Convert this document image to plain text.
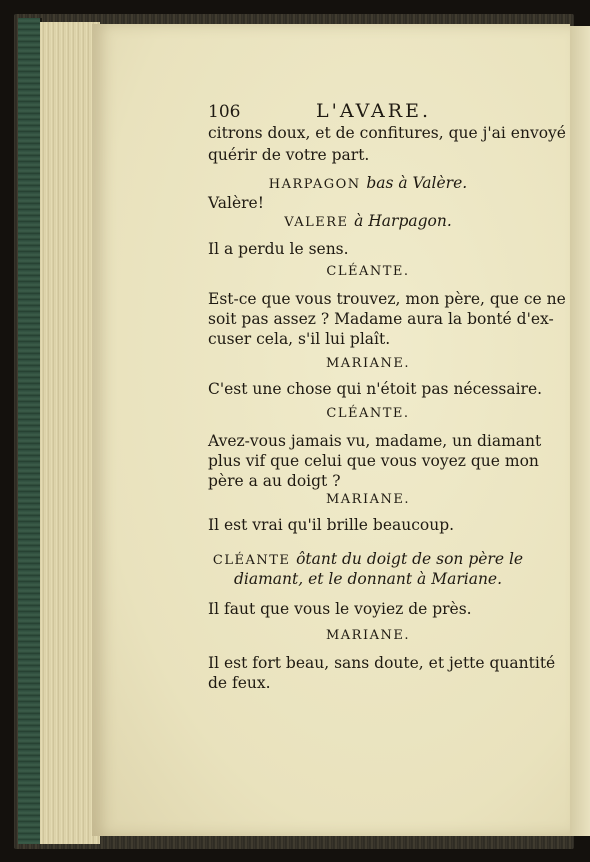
106	L'AVARE.
citrons doux, et de confitures, que j'ai envoyé
quérir de votre part.
HARPAGON bas à Valère.
Valère!
VALERE à Harpagon.
Il a perdu le sens.
CLÉANTE.
Est-ce que vous trouvez, mon père, que ce ne
soit pas assez ? Madame aura la bonté d'ex-
cuser cela, s'il lui plaît.
MARIANE.
C'est une chose qui n'étoit pas nécessaire.
CLÉANTE.
Avez-vous jamais vu, madame, un diamant
plus vif que celui que vous voyez que mon
père a au doigt ?
MARIANE.
Il est vrai qu'il brille beaucoup.
CLÉANTE ôtant du doigt de son père le
diamant, et le donnant à Mariane.
Il faut que vous le voyiez de près.
MARIANE.
Il est fort beau, sans doute, et jette quantité
de feux.
